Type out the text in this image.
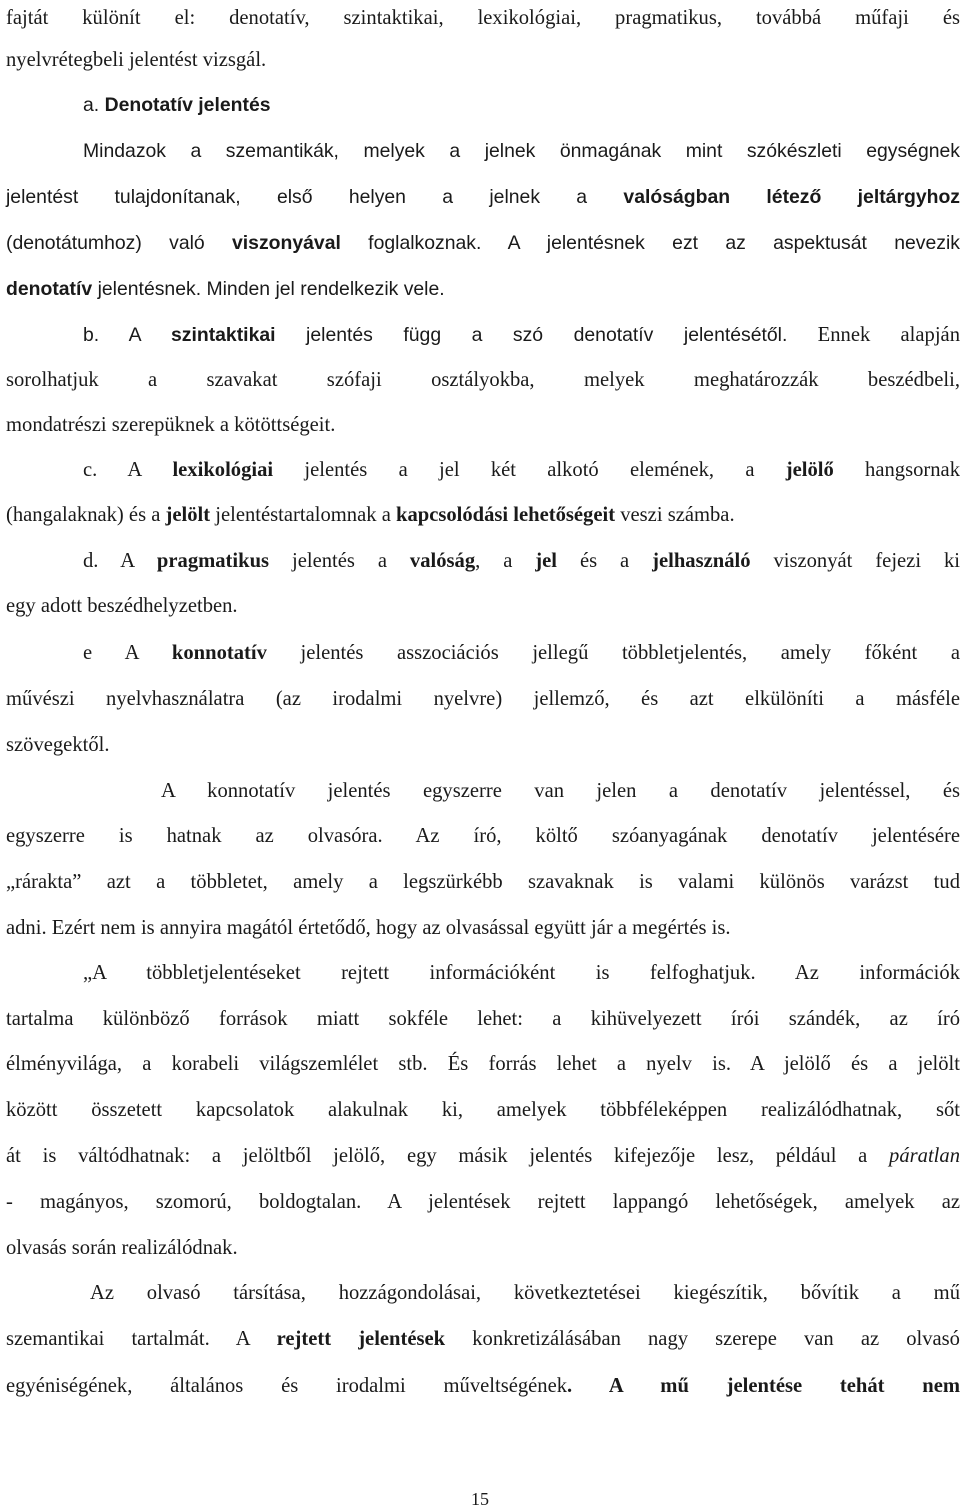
fajtát különít el: denotatív, szintaktikai, lexikológiai, pragmatikus, továbbá műfaji és
nyelvrétegbeli jelentést vizsgál.
a. Denotatív jelentés
Mindazok a szemantikák, melyek a jelnek önmagának mint szókészleti egységnek
jelentést tulajdonítanak, első helyen a jelnek a valóságban létező jeltárgyhoz
(denotátumhoz) való viszonyával foglalkoznak. A jelentésnek ezt az aspektusát nevezik
denotatív jelentésnek. Minden jel rendelkezik vele.
b. A szintaktikai jelentés függ a szó denotatív jelentésétől. Ennek alapján
sorolhatjuk a szavakat szófaji osztályokba, melyek meghatározzák beszédbeli,
mondatrészi szerepüknek a kötöttségeit.
c. A lexikológiai jelentés a jel két alkotó elemének, a jelölő hangsornak
(hangalaknak) és a jelölt jelentéstartalomnak a kapcsolódási lehetőségeit veszi számba.
d. A pragmatikus jelentés a valóság, a jel és a jelhasználó viszonyát fejezi ki
egy adott beszédhelyzetben.
e A konnotatív jelentés asszociációs jellegű többletjelentés, amely főként a
művészi nyelvhasználatra (az irodalmi nyelvre) jellemző, és azt elkülöníti a másféle
szövegektől.
A konnotatív jelentés egyszerre van jelen a denotatív jelentéssel, és
egyszerre is hatnak az olvasóra. Az író, költő szóanyagának denotatív jelentésére
„rárakta” azt a többletet, amely a legszürkébb szavaknak is valami különös varázst tud
adni. Ezért nem is annyira magától értetődő, hogy az olvasással együtt jár a megértés is.
„A többletjelentéseket rejtett információként is felfoghatjuk. Az információk
tartalma különböző források miatt sokféle lehet: a kihüvelyezett írói szándék, az író
élményvilága, a korabeli világszemlélet stb. És forrás lehet a nyelv is. A jelölő és a jelölt
között összetett kapcsolatok alakulnak ki, amelyek többféleképpen realizálódhatnak, sőt
át is váltódhatnak: a jelöltből jelölő, egy másik jelentés kifejezője lesz, például a páratlan
- magányos, szomorú, boldogtalan. A jelentések rejtett lappangó lehetőségek, amelyek az
olvasás során realizálódnak.
Az olvasó társítása, hozzágondolásai, következtetései kiegészítik, bővítik a mű
szemantikai tartalmát. A rejtett jelentések konkretizálásában nagy szerepe van az olvasó
egyéniségének, általános és irodalmi műveltségének. A mű jelentése tehát nem
15
